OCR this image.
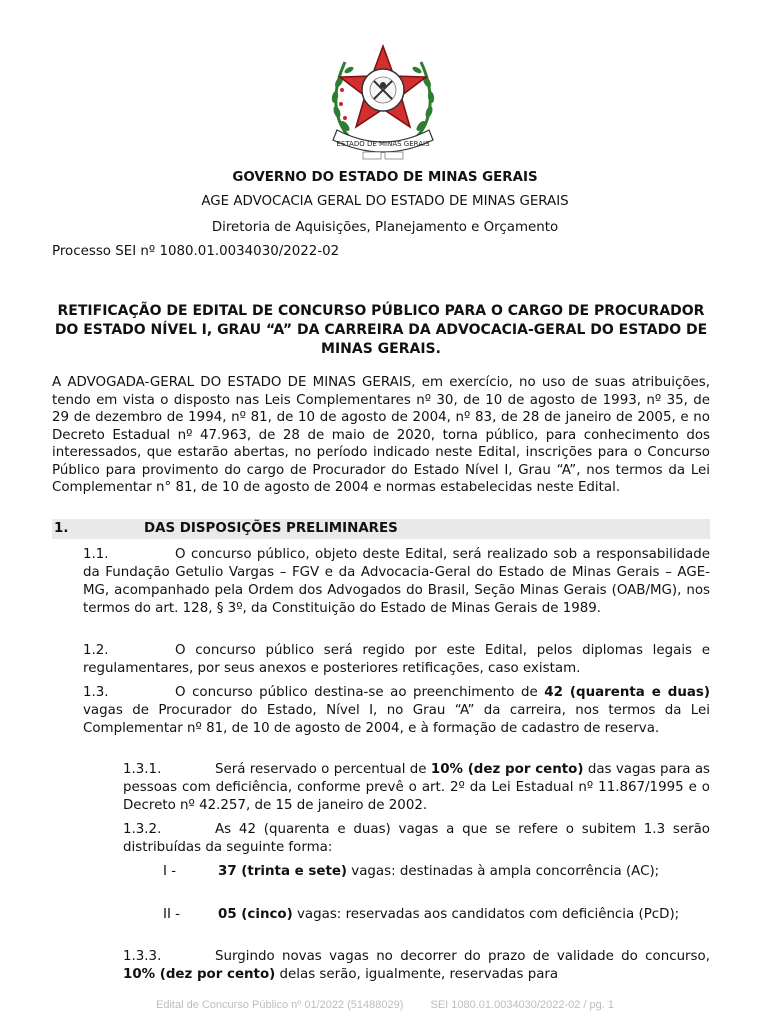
ESTADO DE MINAS GERAIS
GOVERNO DO ESTADO DE MINAS GERAIS
AGE ADVOCACIA GERAL DO ESTADO DE MINAS GERAIS
Diretoria de Aquisições, Planejamento e Orçamento
Processo SEI nº 1080.01.0034030/2022-02
RETIFICAÇÃO DE EDITAL DE CONCURSO PÚBLICO PARA O CARGO DE PROCURADOR DO ESTADO NÍVEL I, GRAU “A” DA CARREIRA DA ADVOCACIA-GERAL DO ESTADO DE MINAS GERAIS.
A ADVOGADA-GERAL DO ESTADO DE MINAS GERAIS, em exercício, no uso de suas atribuições, tendo em vista o disposto nas Leis Complementares nº 30, de 10 de agosto de 1993, nº 35, de 29 de dezembro de 1994, nº 81, de 10 de agosto de 2004, nº 83, de 28 de janeiro de 2005, e no Decreto Estadual nº 47.963, de 28 de maio de 2020, torna público, para conhecimento dos interessados, que estarão abertas, no período indicado neste Edital, inscrições para o Concurso Público para provimento do cargo de Procurador do Estado Nível I, Grau “A”, nos termos da Lei Complementar n° 81, de 10 de agosto de 2004 e normas estabelecidas neste Edital.
1.	DAS DISPOSIÇÕES PRELIMINARES
1.1.	O concurso público, objeto deste Edital, será realizado sob a responsabilidade da Fundação Getulio Vargas – FGV e da Advocacia-Geral do Estado de Minas Gerais – AGE-MG, acompanhado pela Ordem dos Advogados do Brasil, Seção Minas Gerais (OAB/MG), nos termos do art. 128, § 3º, da Constituição do Estado de Minas Gerais de 1989.
1.2.	O concurso público será regido por este Edital, pelos diplomas legais e regulamentares, por seus anexos e posteriores retificações, caso existam.
1.3.	O concurso público destina-se ao preenchimento de 42 (quarenta e duas) vagas de Procurador do Estado, Nível I, no Grau “A” da carreira, nos termos da Lei Complementar nº 81, de 10 de agosto de 2004, e à formação de cadastro de reserva.
1.3.1.	Será reservado o percentual de 10% (dez por cento) das vagas para as pessoas com deficiência, conforme prevê o art. 2º da Lei Estadual nº 11.867/1995 e o Decreto nº 42.257, de 15 de janeiro de 2002.
1.3.2.	As 42 (quarenta e duas) vagas a que se refere o subitem 1.3 serão distribuídas da seguinte forma:
I -	37 (trinta e sete) vagas: destinadas à ampla concorrência (AC);
II -	05 (cinco) vagas: reservadas aos candidatos com deficiência (PcD);
1.3.3.	Surgindo novas vagas no decorrer do prazo de validade do concurso, 10% (dez por cento) delas serão, igualmente, reservadas para
Edital de Concurso Público nº 01/2022 (51488029) SEI 1080.01.0034030/2022-02 / pg. 1
